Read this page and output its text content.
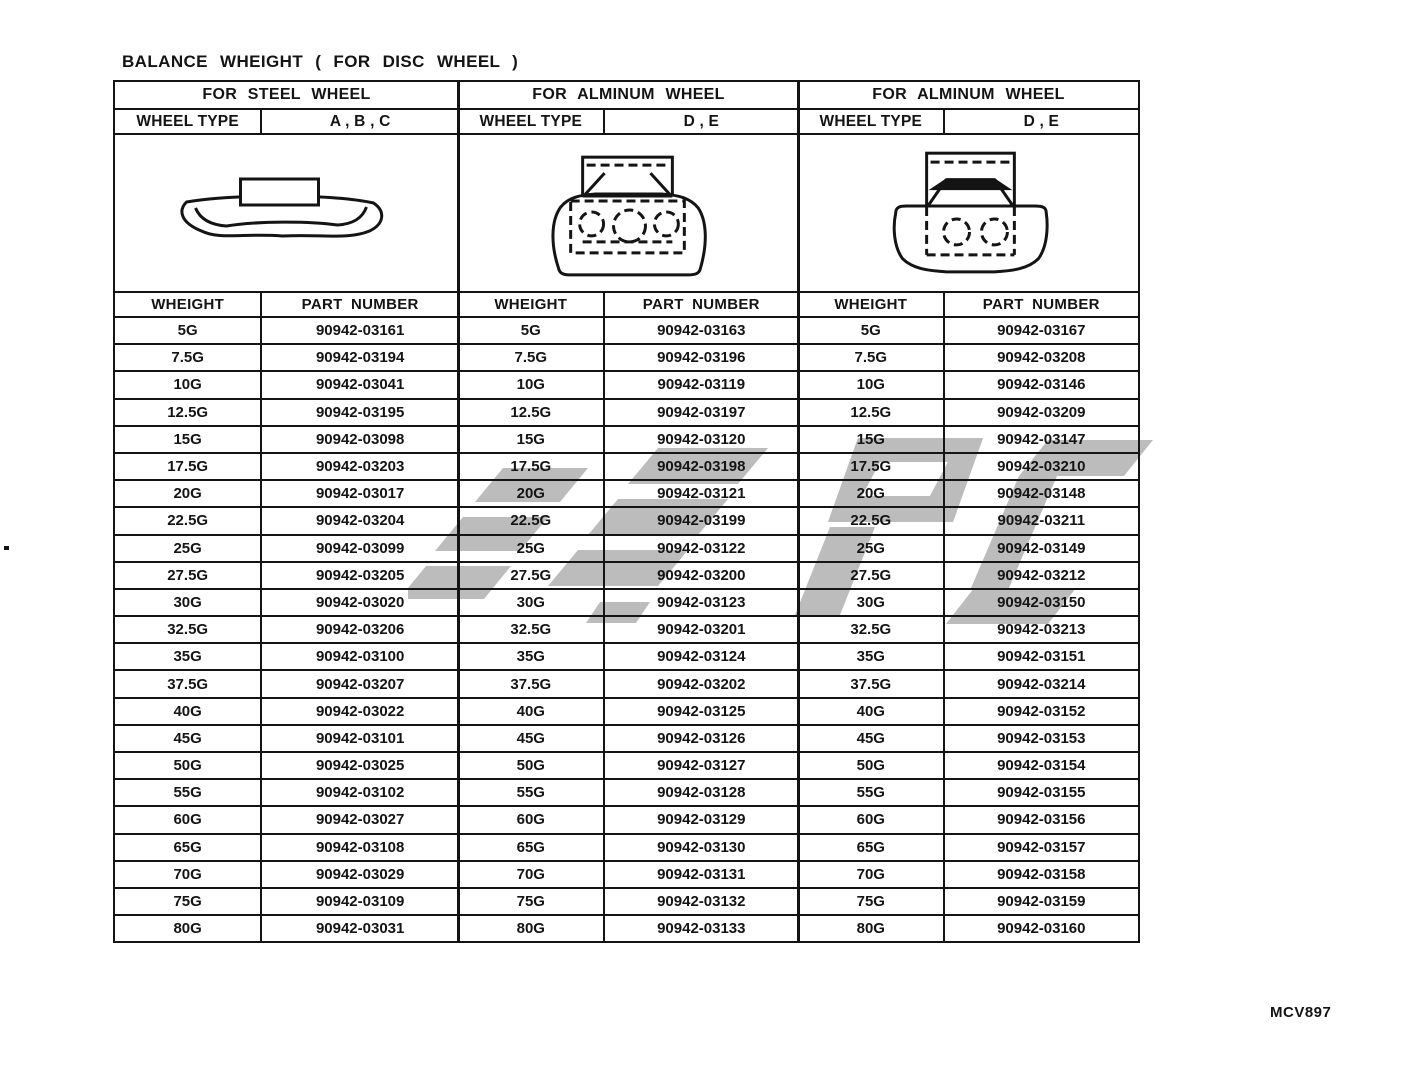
BALANCE WHEIGHT ( FOR DISC WHEEL )
FOR STEEL WHEEL	
WHEEL TYPE	A , B , C

WHEIGHT	PART NUMBER
5G	90942-03161
7.5G	90942-03194
10G	90942-03041
12.5G	90942-03195
15G	90942-03098
17.5G	90942-03203
20G	90942-03017
22.5G	90942-03204
25G	90942-03099
27.5G	90942-03205
30G	90942-03020
32.5G	90942-03206
35G	90942-03100
37.5G	90942-03207
40G	90942-03022
45G	90942-03101
50G	90942-03025
55G	90942-03102
60G	90942-03027
65G	90942-03108
70G	90942-03029
75G	90942-03109
80G	90942-03031
FOR ALMINUM WHEEL	
WHEEL TYPE	D , E

WHEIGHT	PART NUMBER
5G	90942-03163
7.5G	90942-03196
10G	90942-03119
12.5G	90942-03197
15G	90942-03120
17.5G	90942-03198
20G	90942-03121
22.5G	90942-03199
25G	90942-03122
27.5G	90942-03200
30G	90942-03123
32.5G	90942-03201
35G	90942-03124
37.5G	90942-03202
40G	90942-03125
45G	90942-03126
50G	90942-03127
55G	90942-03128
60G	90942-03129
65G	90942-03130
70G	90942-03131
75G	90942-03132
80G	90942-03133
FOR ALMINUM WHEEL	
WHEEL TYPE	D , E

WHEIGHT	PART NUMBER
5G	90942-03167
7.5G	90942-03208
10G	90942-03146
12.5G	90942-03209
15G	90942-03147
17.5G	90942-03210
20G	90942-03148
22.5G	90942-03211
25G	90942-03149
27.5G	90942-03212
30G	90942-03150
32.5G	90942-03213
35G	90942-03151
37.5G	90942-03214
40G	90942-03152
45G	90942-03153
50G	90942-03154
55G	90942-03155
60G	90942-03156
65G	90942-03157
70G	90942-03158
75G	90942-03159
80G	90942-03160
MCV897
